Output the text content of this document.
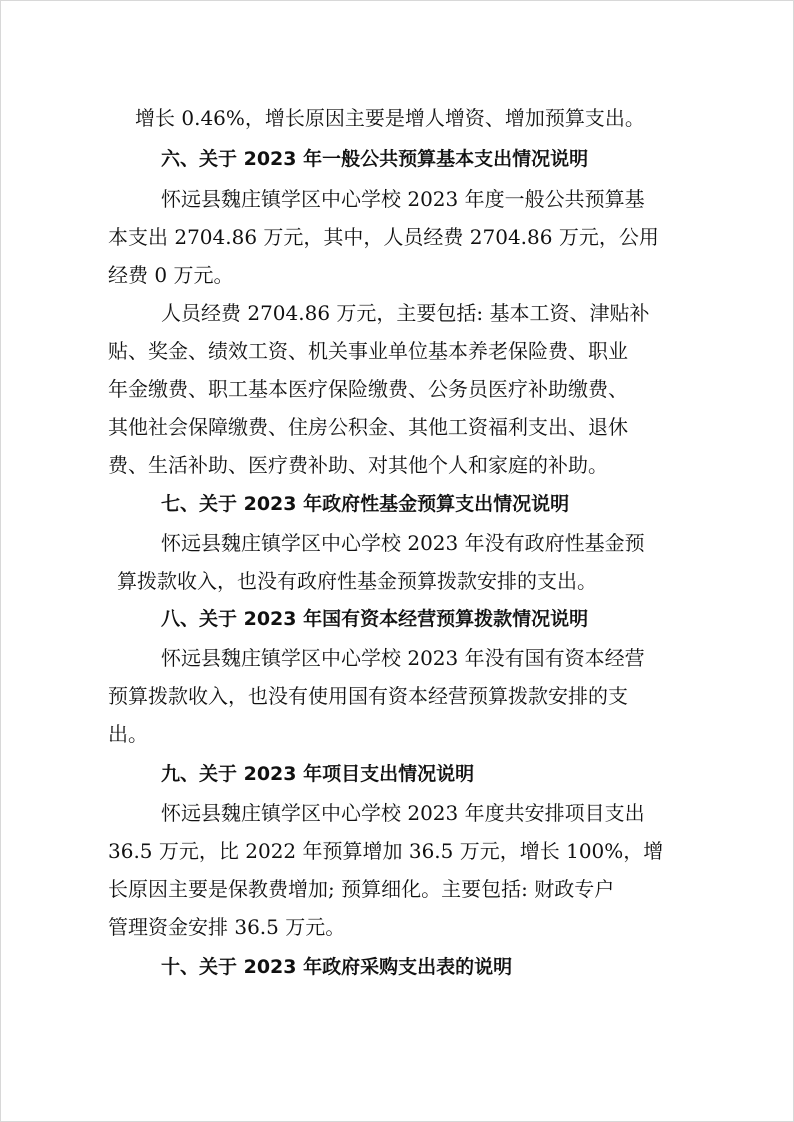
增长 0.46%，增长原因主要是增人增资、增加预算支出。
六、关于 2023 年一般公共预算基本支出情况说明
怀远县魏庄镇学区中心学校 2023 年度一般公共预算基
本支出 2704.86 万元，其中，人员经费 2704.86 万元，公用
经费 0 万元。
人员经费 2704.86 万元，主要包括: 基本工资、津贴补
贴、奖金、绩效工资、机关事业单位基本养老保险费、职业
年金缴费、职工基本医疗保险缴费、公务员医疗补助缴费、
其他社会保障缴费、住房公积金、其他工资福利支出、退休
费、生活补助、医疗费补助、对其他个人和家庭的补助。
七、关于 2023 年政府性基金预算支出情况说明
怀远县魏庄镇学区中心学校 2023 年没有政府性基金预
算拨款收入，也没有政府性基金预算拨款安排的支出。
八、关于 2023 年国有资本经营预算拨款情况说明
怀远县魏庄镇学区中心学校 2023 年没有国有资本经营
预算拨款收入，也没有使用国有资本经营预算拨款安排的支
出。
九、关于 2023 年项目支出情况说明
怀远县魏庄镇学区中心学校 2023 年度共安排项目支出
36.5 万元，比 2022 年预算增加 36.5 万元，增长 100%，增
长原因主要是保教费增加; 预算细化。主要包括: 财政专户
管理资金安排 36.5 万元。
十、关于 2023 年政府采购支出表的说明
